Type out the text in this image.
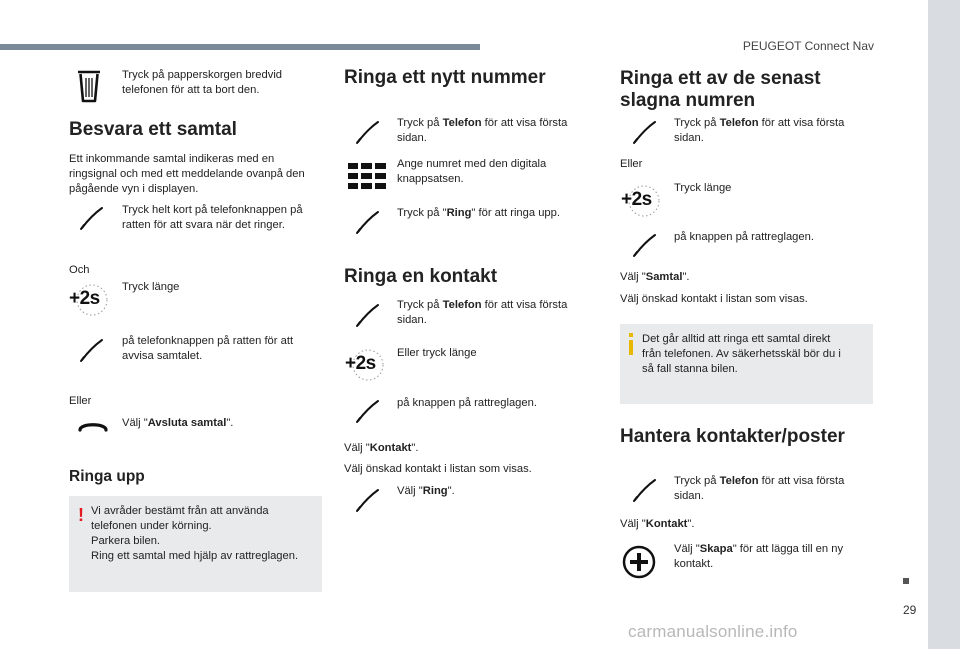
PEUGEOT Connect Nav
29
carmanualsonline.info
Tryck på papperskorgen bredvid telefonen för att ta bort den.
Besvara ett samtal
Ett inkommande samtal indikeras med en ringsignal och med ett meddelande ovanpå den pågående vyn i displayen.
Tryck helt kort på telefonknappen på ratten för att svara när det ringer.
Och
+2s
Tryck länge
på telefonknappen på ratten för att avvisa samtalet.
Eller
Välj "Avsluta samtal".
Ringa upp
! Vi avråder bestämt från att använda
telefonen under körning.
Parkera bilen.
Ring ett samtal med hjälp av rattreglagen.
Ringa ett nytt nummer
Tryck på Telefon för att visa första sidan.
Ange numret med den digitala knappsatsen.
Tryck på "Ring" för att ringa upp.
Ringa en kontakt
Tryck på Telefon för att visa första sidan.
+2s Eller tryck länge
på knappen på rattreglagen.
Välj "Kontakt".
Välj önskad kontakt i listan som visas.
Välj "Ring".
Ringa ett av de senast
slagna numren
Tryck på Telefon för att visa första sidan.
Eller
+2s
Tryck länge
på knappen på rattreglagen.
Välj "Samtal".
Välj önskad kontakt i listan som visas.
Det går alltid att ringa ett samtal direkt
från telefonen. Av säkerhetsskäl bör du i
så fall stanna bilen.
Hantera kontakter/poster
Tryck på Telefon för att visa första sidan.
Välj "Kontakt".
Välj "Skapa" för att lägga till en ny kontakt.
